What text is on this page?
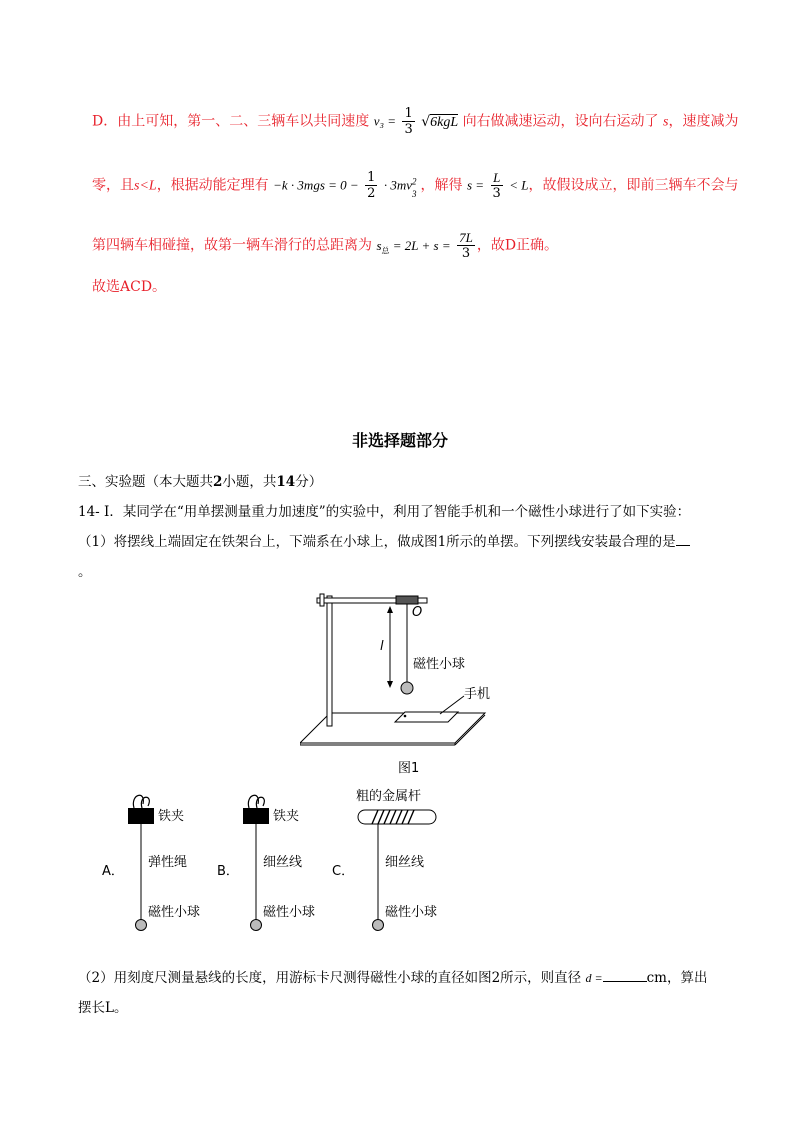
D．由上可知，第一、二、三辆车以共同速度 $v_3 = \frac{1}{3} √6kgL$ 向右做减速运动，设向右运动了 s，速度减为
零，且s<L，根据动能定理有 $-k \cdot 3mgs = 0 - \frac{1}{2} \cdot 3mv^2$
3 ，解得 $s = \frac{L}{3} < L$，故假设成立，即前三辆车不会与
第四辆车相碰撞，故第一辆车滑行的总距离为 $s_总 = 2L + s = \frac{7L}{3}$ ，故D正确。
故选ACD。
非选择题部分
三、实验题（本大题共2小题，共14分）
14- Ⅰ．某同学在“用单摆测量重力加速度”的实验中，利用了智能手机和一个磁性小球进行了如下实验：
（1）将摆线上端固定在铁架台上，下端系在小球上，做成图1所示的单摆。下列摆线安装最合理的是
。
O
l
磁性小球
手机
图1
铁夹
弹性绳
磁性小球
A．
铁夹
细丝线
磁性小球
B．
粗的金属杆
细丝线
磁性小球
C．
（2）用刻度尺测量悬线的长度，用游标卡尺测得磁性小球的直径如图2所示，则直径 d =	cm，算出
摆长L。
